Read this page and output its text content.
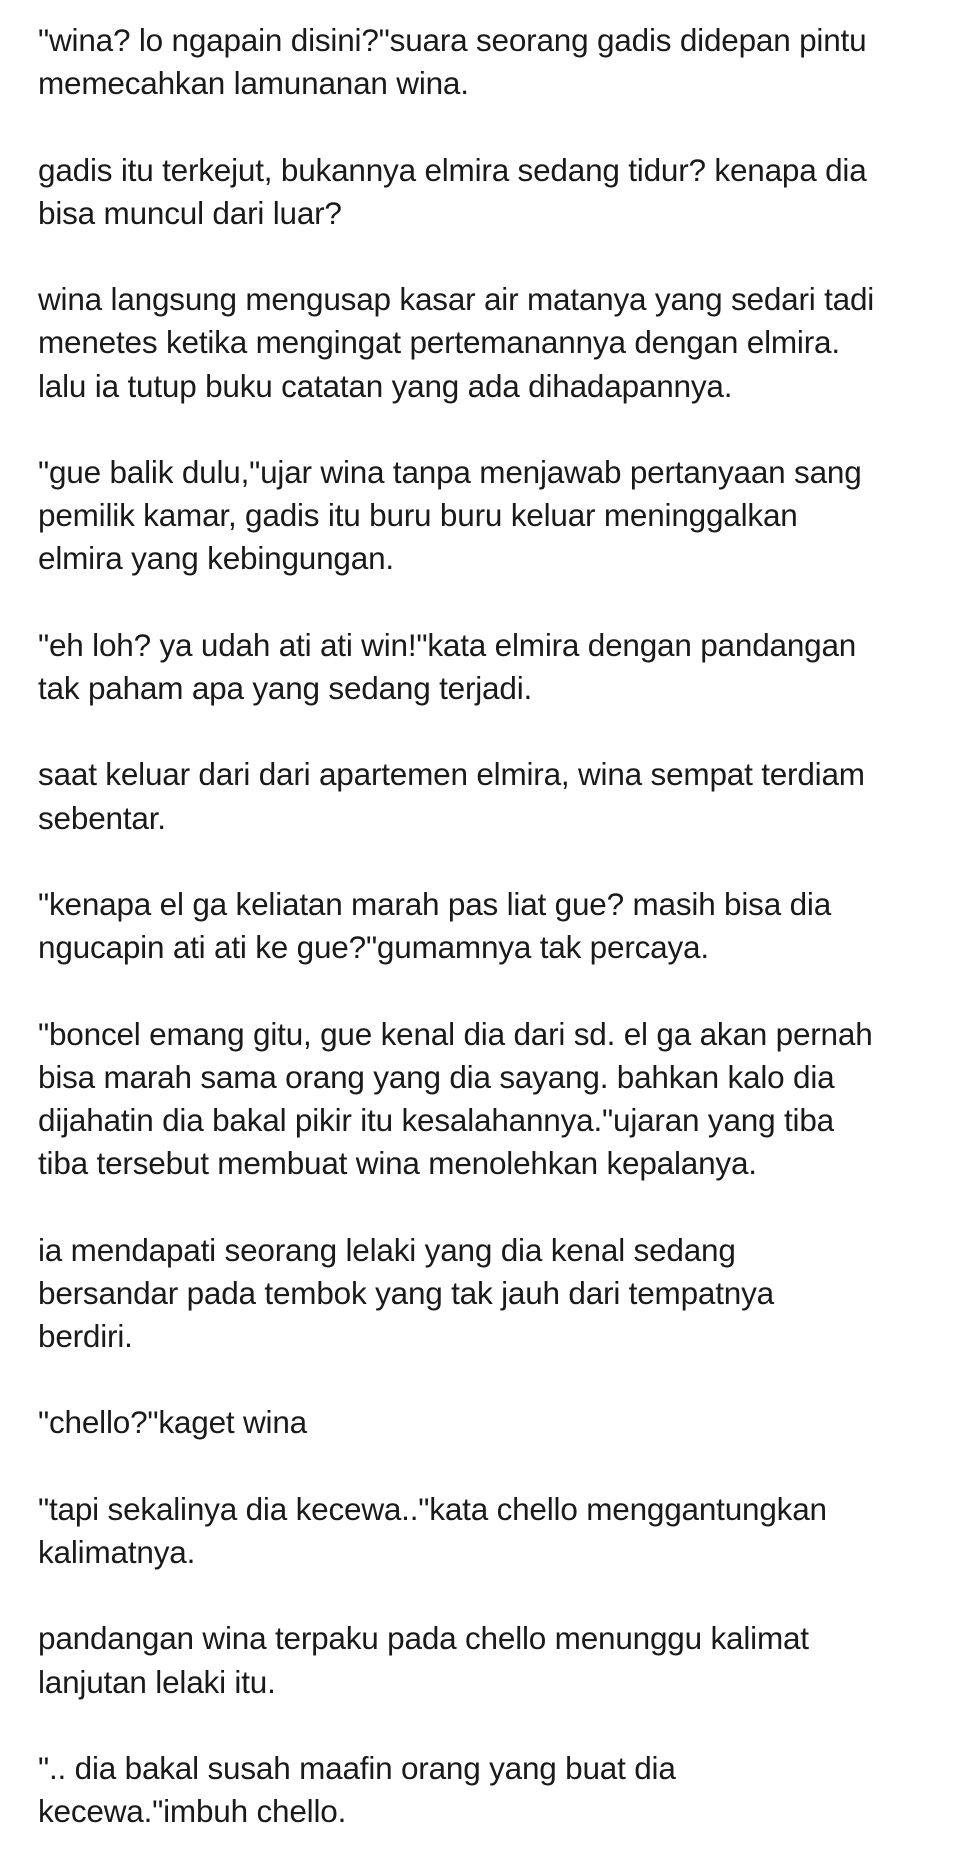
"wina? lo ngapain disini?"suara seorang gadis didepan pintu
memecahkan lamunanan wina.

gadis itu terkejut, bukannya elmira sedang tidur? kenapa dia
bisa muncul dari luar?

wina langsung mengusap kasar air matanya yang sedari tadi
menetes ketika mengingat pertemanannya dengan elmira.
lalu ia tutup buku catatan yang ada dihadapannya.

"gue balik dulu,"ujar wina tanpa menjawab pertanyaan sang
pemilik kamar, gadis itu buru buru keluar meninggalkan
elmira yang kebingungan.

"eh loh? ya udah ati ati win!"kata elmira dengan pandangan
tak paham apa yang sedang terjadi.

saat keluar dari dari apartemen elmira, wina sempat terdiam
sebentar.

"kenapa el ga keliatan marah pas liat gue? masih bisa dia
ngucapin ati ati ke gue?"gumamnya tak percaya.

"boncel emang gitu, gue kenal dia dari sd. el ga akan pernah
bisa marah sama orang yang dia sayang. bahkan kalo dia
dijahatin dia bakal pikir itu kesalahannya."ujaran yang tiba
tiba tersebut membuat wina menolehkan kepalanya.

ia mendapati seorang lelaki yang dia kenal sedang
bersandar pada tembok yang tak jauh dari tempatnya
berdiri.

"chello?"kaget wina

"tapi sekalinya dia kecewa.."kata chello menggantungkan
kalimatnya.

pandangan wina terpaku pada chello menunggu kalimat
lanjutan lelaki itu.

".. dia bakal susah maafin orang yang buat dia
kecewa."imbuh chello.
